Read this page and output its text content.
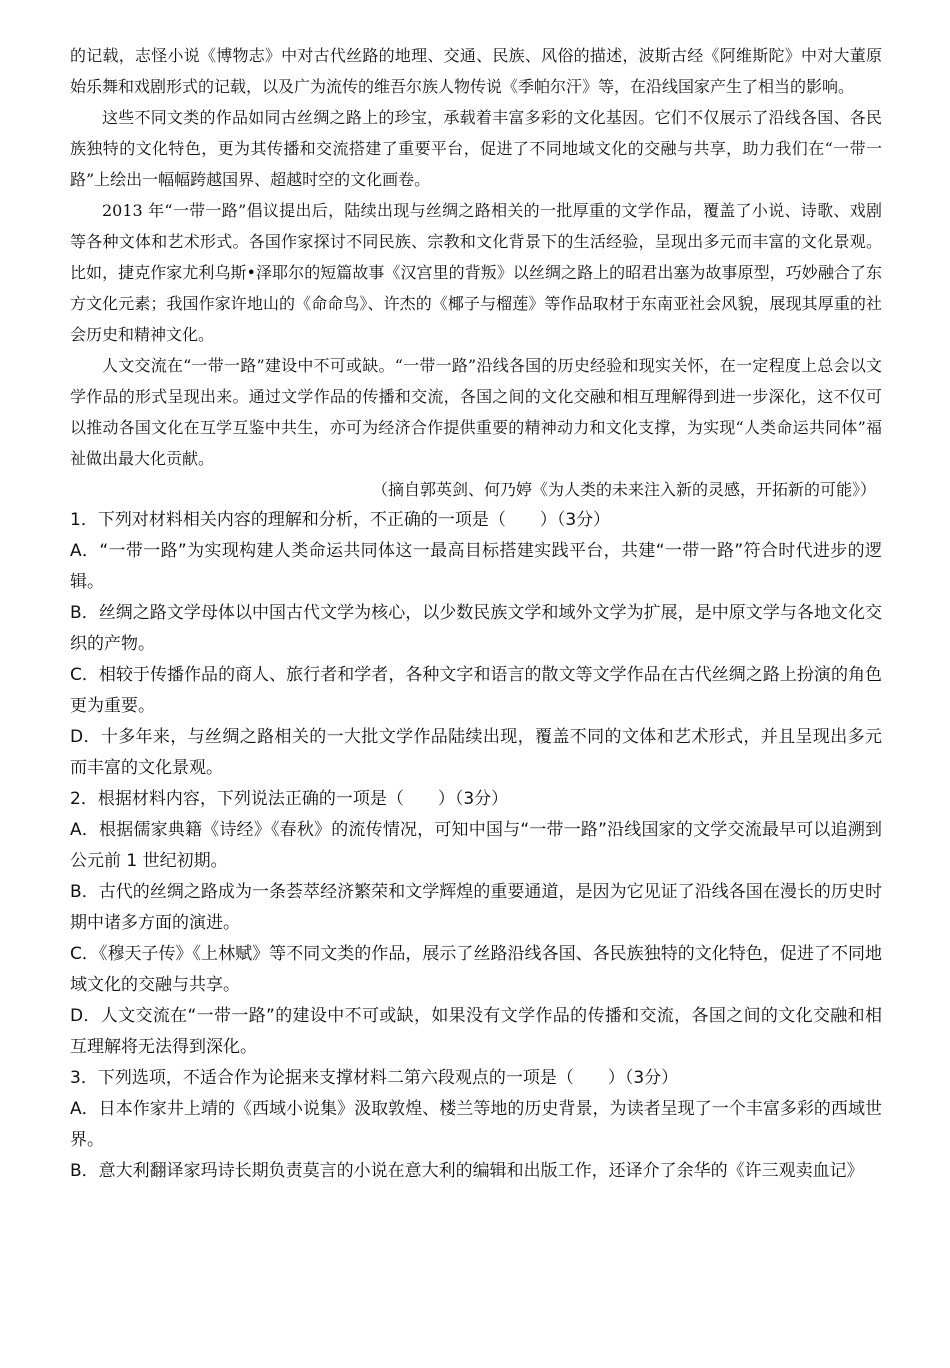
的记载，志怪小说《博物志》中对古代丝路的地理、交通、民族、风俗的描述，波斯古经《阿维斯陀》中对大董原始乐舞和戏剧形式的记载，以及广为流传的维吾尔族人物传说《季帕尔汗》等，在沿线国家产生了相当的影响。

这些不同文类的作品如同古丝绸之路上的珍宝，承载着丰富多彩的文化基因。它们不仅展示了沿线各国、各民族独特的文化特色，更为其传播和交流搭建了重要平台，促进了不同地域文化的交融与共享，助力我们在“一带一路”上绘出一幅幅跨越国界、超越时空的文化画卷。

2013 年“一带一路”倡议提出后，陆续出现与丝绸之路相关的一批厚重的文学作品，覆盖了小说、诗歌、戏剧等各种文体和艺术形式。各国作家探讨不同民族、宗教和文化背景下的生活经验，呈现出多元而丰富的文化景观。比如，捷克作家尤利乌斯•泽耶尔的短篇故事《汉宫里的背叛》以丝绸之路上的昭君出塞为故事原型，巧妙融合了东方文化元素；我国作家许地山的《命命鸟》、许杰的《椰子与榴莲》等作品取材于东南亚社会风貌，展现其厚重的社会历史和精神文化。

人文交流在“一带一路”建设中不可或缺。“一带一路”沿线各国的历史经验和现实关怀，在一定程度上总会以文学作品的形式呈现出来。通过文学作品的传播和交流，各国之间的文化交融和相互理解得到进一步深化，这不仅可以推动各国文化在互学互鉴中共生，亦可为经济合作提供重要的精神动力和文化支撑，为实现“人类命运共同体”福祉做出最大化贡献。

（摘自郭英剑、何乃婷《为人类的未来注入新的灵感，开拓新的可能》）

1．下列对材料相关内容的理解和分析，不正确的一项是（　　）（3分）

A．“一带一路”为实现构建人类命运共同体这一最高目标搭建实践平台，共建“一带一路”符合时代进步的逻辑。

B．丝绸之路文学母体以中国古代文学为核心，以少数民族文学和域外文学为扩展，是中原文学与各地文化交织的产物。

C．相较于传播作品的商人、旅行者和学者，各种文字和语言的散文等文学作品在古代丝绸之路上扮演的角色更为重要。

D．十多年来，与丝绸之路相关的一大批文学作品陆续出现，覆盖不同的文体和艺术形式，并且呈现出多元而丰富的文化景观。

2．根据材料内容，下列说法正确的一项是（　　）（3分）

A．根据儒家典籍《诗经》《春秋》的流传情况，可知中国与“一带一路”沿线国家的文学交流最早可以追溯到公元前 1 世纪初期。

B．古代的丝绸之路成为一条荟萃经济繁荣和文学辉煌的重要通道，是因为它见证了沿线各国在漫长的历史时期中诸多方面的演进。

C．《穆天子传》《上林赋》等不同文类的作品，展示了丝路沿线各国、各民族独特的文化特色，促进了不同地域文化的交融与共享。

D．人文交流在“一带一路”的建设中不可或缺，如果没有文学作品的传播和交流，各国之间的文化交融和相互理解将无法得到深化。

3．下列选项，不适合作为论据来支撑材料二第六段观点的一项是（　　）（3分）

A．日本作家井上靖的《西域小说集》汲取敦煌、楼兰等地的历史背景，为读者呈现了一个丰富多彩的西域世界。

B．意大利翻译家玛诗长期负责莫言的小说在意大利的编辑和出版工作，还译介了余华的《许三观卖血记》
